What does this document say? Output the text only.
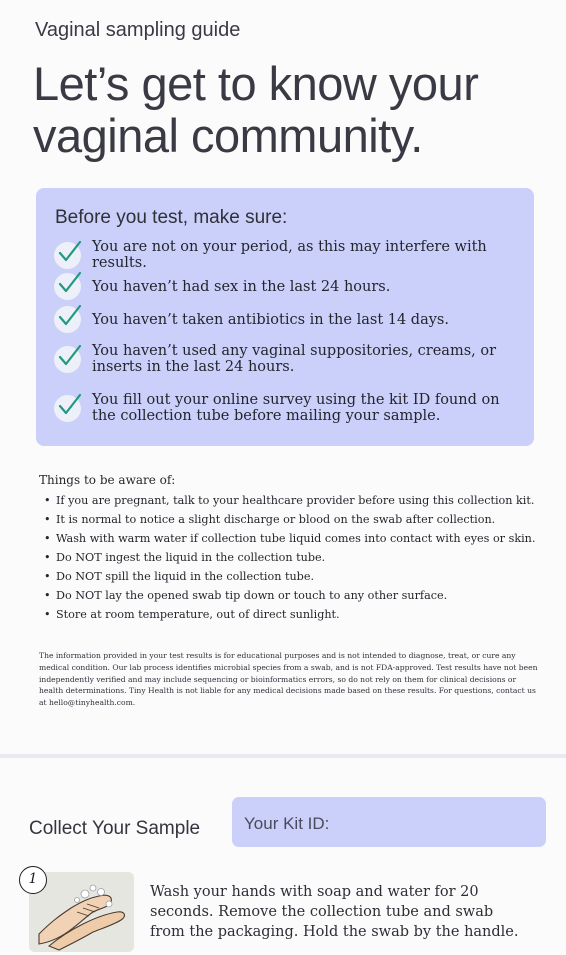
Vaginal sampling guide
Let’s get to know your vaginal community.
Before you test, make sure:
You are not on your period, as this may interfere with results.
You haven’t had sex in the last 24 hours.
You haven’t taken antibiotics in the last 14 days.
You haven’t used any vaginal suppositories, creams, or inserts in the last 24 hours.
You fill out your online survey using the kit ID found on the collection tube before mailing your sample.
Things to be aware of:
• If you are pregnant, talk to your healthcare provider before using this collection kit.
• It is normal to notice a slight discharge or blood on the swab after collection.
• Wash with warm water if collection tube liquid comes into contact with eyes or skin.
• Do NOT ingest the liquid in the collection tube.
• Do NOT spill the liquid in the collection tube.
• Do NOT lay the opened swab tip down or touch to any other surface.
• Store at room temperature, out of direct sunlight.
The information provided in your test results is for educational purposes and is not intended to diagnose, treat, or cure any medical condition. Our lab process identifies microbial species from a swab, and is not FDA-approved. Test results have not been independently verified and may include sequencing or bioinformatics errors, so do not rely on them for clinical decisions or health determinations. Tiny Health is not liable for any medical decisions made based on these results. For questions, contact us at hello@tinyhealth.com.
Collect Your Sample	Your Kit ID:
1
Wash your hands with soap and water for 20 seconds. Remove the collection tube and swab from the packaging. Hold the swab by the handle.
